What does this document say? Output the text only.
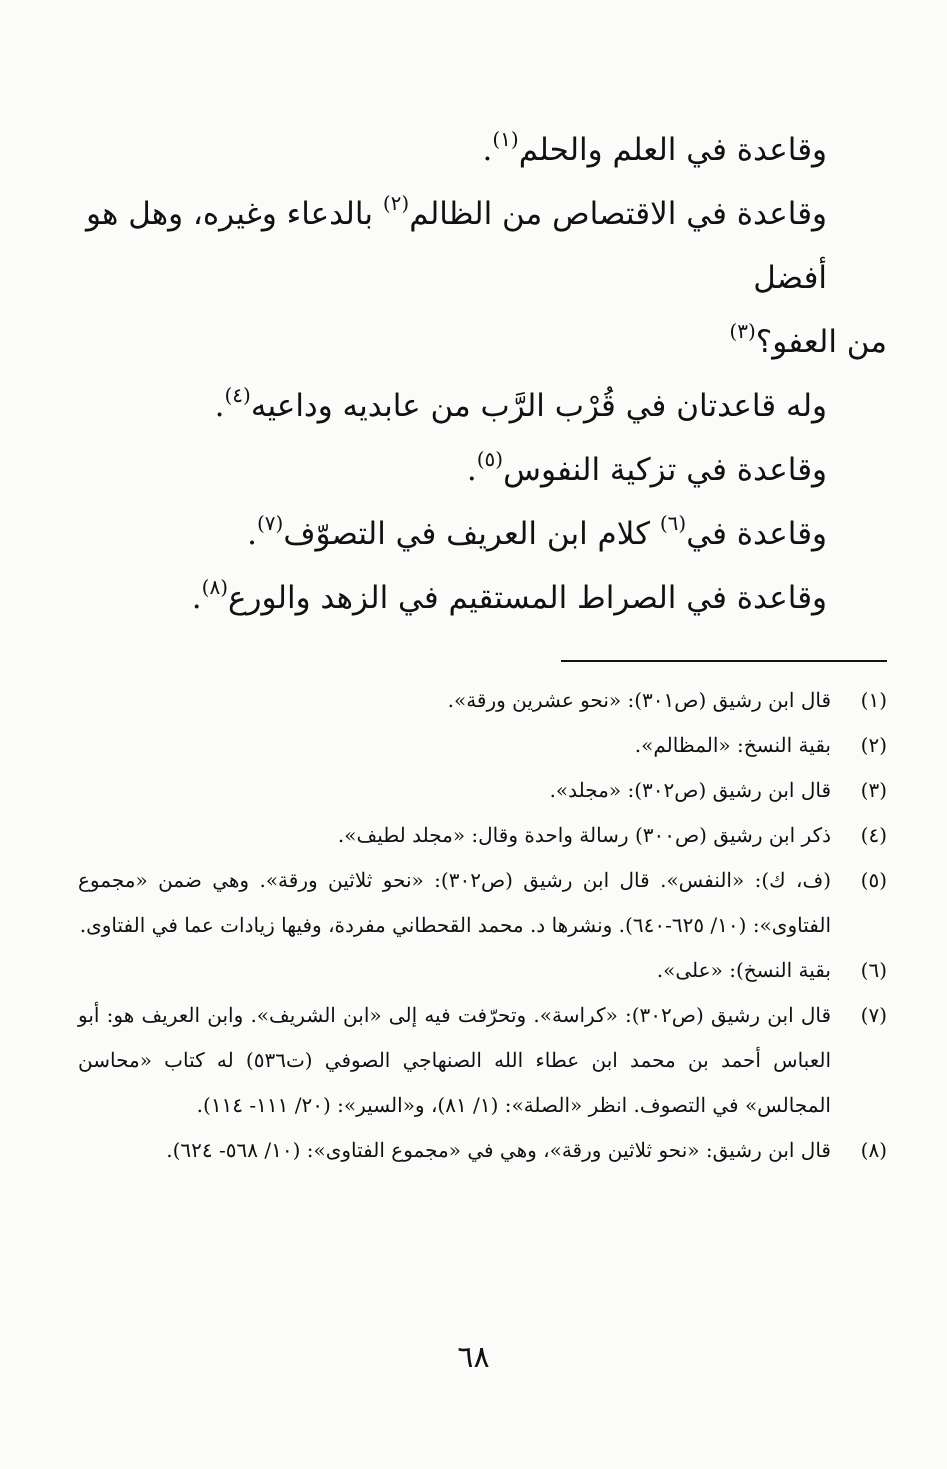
وقاعدة في العلم والحلم$^{(١)}$.

وقاعدة في الاقتصاص من الظالم$^{(٢)}$ بالدعاء وغيره، وهل هو أفضل

من العفو؟$^{(٣)}$

وله قاعدتان في قُرْب الرَّب من عابديه وداعيه$^{(٤)}$.

وقاعدة في تزكية النفوس$^{(٥)}$.

وقاعدة في$^{(٦)}$ كلام ابن العريف في التصوّف$^{(٧)}$.

وقاعدة في الصراط المستقيم في الزهد والورع$^{(٨)}$.

(١)
قال ابن رشيق (ص٣٠١): «نحو عشرين ورقة».
(٢)
بقية النسخ: «المظالم».
(٣)
قال ابن رشيق (ص٣٠٢): «مجلد».
(٤)
ذكر ابن رشيق (ص٣٠٠) رسالة واحدة وقال: «مجلد لطيف».
(٥)
(ف، ك): «النفس». قال ابن رشيق (ص٣٠٢): «نحو ثلاثين ورقة». وهي ضمن «مجموع الفتاوى»: (١٠/ ٦٢٥-٦٤٠). ونشرها د. محمد القحطاني مفردة، وفيها زيادات عما في الفتاوى.
(٦)
بقية النسخ): «على».
(٧)
قال ابن رشيق (ص٣٠٢): «كراسة». وتحرّفت فيه إلى «ابن الشريف». وابن العريف هو: أبو العباس أحمد بن محمد ابن عطاء الله الصنهاجي الصوفي (ت٥٣٦) له كتاب «محاسن المجالس» في التصوف. انظر «الصلة»: (١/ ٨١)، و«السير»: (٢٠/ ١١١- ١١٤).
(٨)
قال ابن رشيق: «نحو ثلاثين ورقة»، وهي في «مجموع الفتاوى»: (١٠/ ٥٦٨- ٦٢٤).
٦٨
